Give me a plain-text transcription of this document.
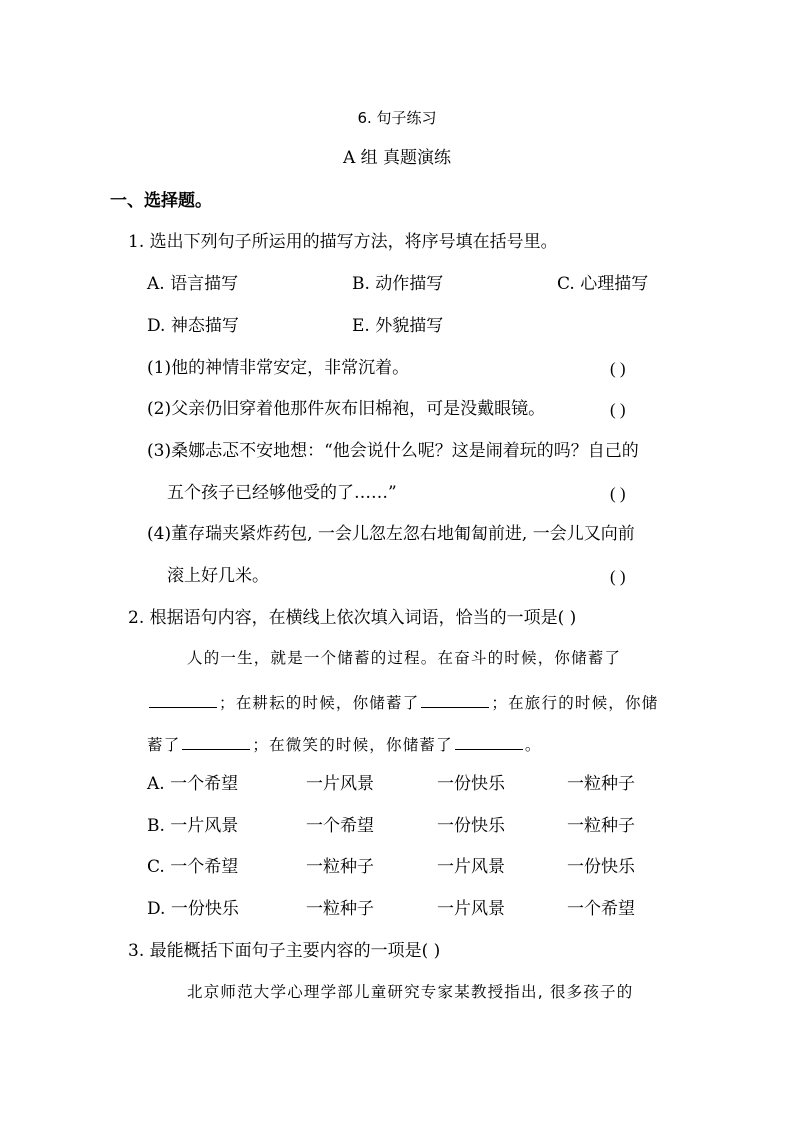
6. 句子练习
A 组 真题演练
一、选择题。
1. 选出下列句子所运用的描写方法，将序号填在括号里。
A. 语言描写	B. 动作描写	C. 心理描写
D. 神态描写	E. 外貌描写
(1)他的神情非常安定，非常沉着。	( )
(2)父亲仍旧穿着他那件灰布旧棉袍，可是没戴眼镜。	( )
(3)桑娜忐忑不安地想：“他会说什么呢？这是闹着玩的吗？自己的
五个孩子已经够他受的了……”	( )
(4)董存瑞夹紧炸药包, 一会儿忽左忽右地匍匐前进, 一会儿又向前
滚上好几米。	( )
2. 根据语句内容，在横线上依次填入词语，恰当的一项是( )
人的一生，就是一个储蓄的过程。在奋斗的时候，你储蓄了
；在耕耘的时候，你储蓄了	；在旅行的时候，你储
蓄了	；在微笑的时候，你储蓄了	。
A. 一个希望	一片风景	一份快乐	一粒种子
B. 一片风景	一个希望	一份快乐	一粒种子
C. 一个希望	一粒种子	一片风景	一份快乐
D. 一份快乐	一粒种子	一片风景	一个希望
3. 最能概括下面句子主要内容的一项是( )
北京师范大学心理学部儿童研究专家某教授指出, 很多孩子的
